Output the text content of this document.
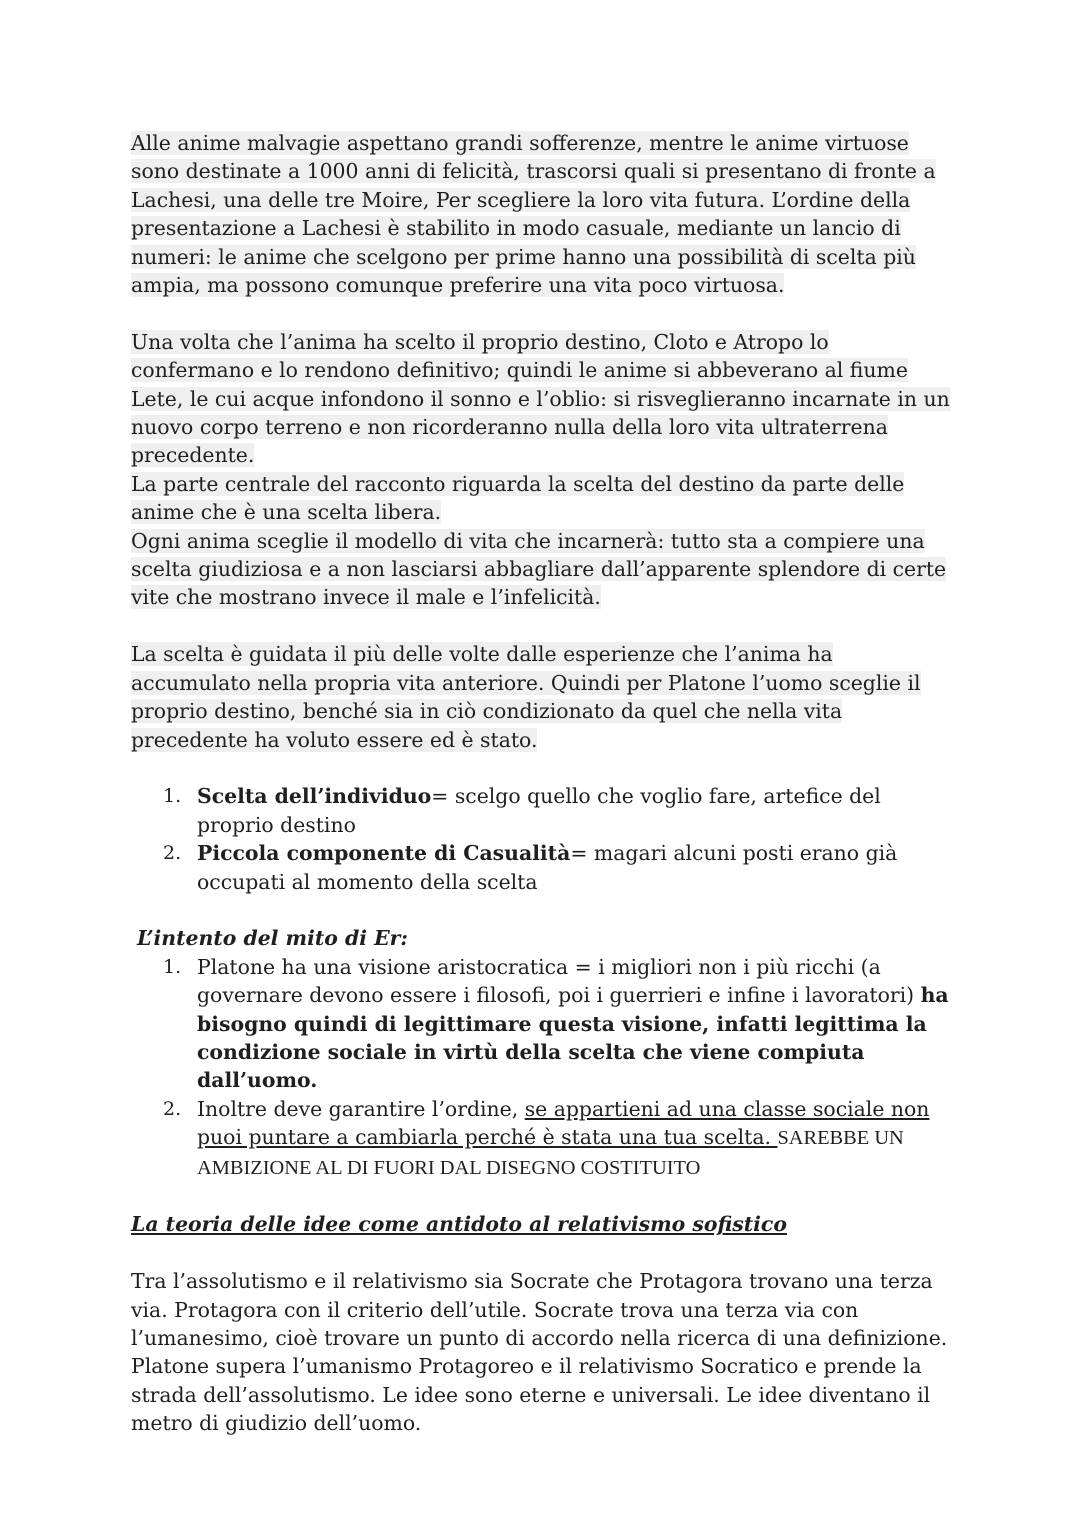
Alle anime malvagie aspettano grandi sofferenze, mentre le anime virtuose sono destinate a 1000 anni di felicità, trascorsi quali si presentano di fronte a Lachesi, una delle tre Moire, Per scegliere la loro vita futura. L’ordine della presentazione a Lachesi è stabilito in modo casuale, mediante un lancio di numeri: le anime che scelgono per prime hanno una possibilità di scelta più ampia, ma possono comunque preferire una vita poco virtuosa.

Una volta che l’anima ha scelto il proprio destino, Cloto e Atropo lo confermano e lo rendono definitivo; quindi le anime si abbeverano al fiume Lete, le cui acque infondono il sonno e l’oblio: si risveglieranno incarnate in un nuovo corpo terreno e non ricorderanno nulla della loro vita ultraterrena precedente.

La parte centrale del racconto riguarda la scelta del destino da parte delle anime che è una scelta libera.

Ogni anima sceglie il modello di vita che incarnerà: tutto sta a compiere una scelta giudiziosa e a non lasciarsi abbagliare dall’apparente splendore di certe vite che mostrano invece il male e l’infelicità.

La scelta è guidata il più delle volte dalle esperienze che l’anima ha accumulato nella propria vita anteriore. Quindi per Platone l’uomo sceglie il proprio destino, benché sia in ciò condizionato da quel che nella vita precedente ha voluto essere ed è stato.

1. Scelta dell’individuo= scelgo quello che voglio fare, artefice del proprio destino
2. Piccola componente di Casualità= magari alcuni posti erano già occupati al momento della scelta

L’intento del mito di Er:

1. Platone ha una visione aristocratica = i migliori non i più ricchi (a governare devono essere i filosofi, poi i guerrieri e infine i lavoratori) ha bisogno quindi di legittimare questa visione, infatti legittima la condizione sociale in virtù della scelta che viene compiuta dall’uomo.
2. Inoltre deve garantire l’ordine, se appartieni ad una classe sociale non puoi puntare a cambiarla perché è stata una tua scelta. SAREBBE UN AMBIZIONE AL DI FUORI DAL DISEGNO COSTITUITO

La teoria delle idee come antidoto al relativismo sofistico

Tra l’assolutismo e il relativismo sia Socrate che Protagora trovano una terza via. Protagora con il criterio dell’utile. Socrate trova una terza via con l’umanesimo, cioè trovare un punto di accordo nella ricerca di una definizione.

Platone supera l’umanismo Protagoreo e il relativismo Socratico e prende la strada dell’assolutismo. Le idee sono eterne e universali. Le idee diventano il metro di giudizio dell’uomo.
